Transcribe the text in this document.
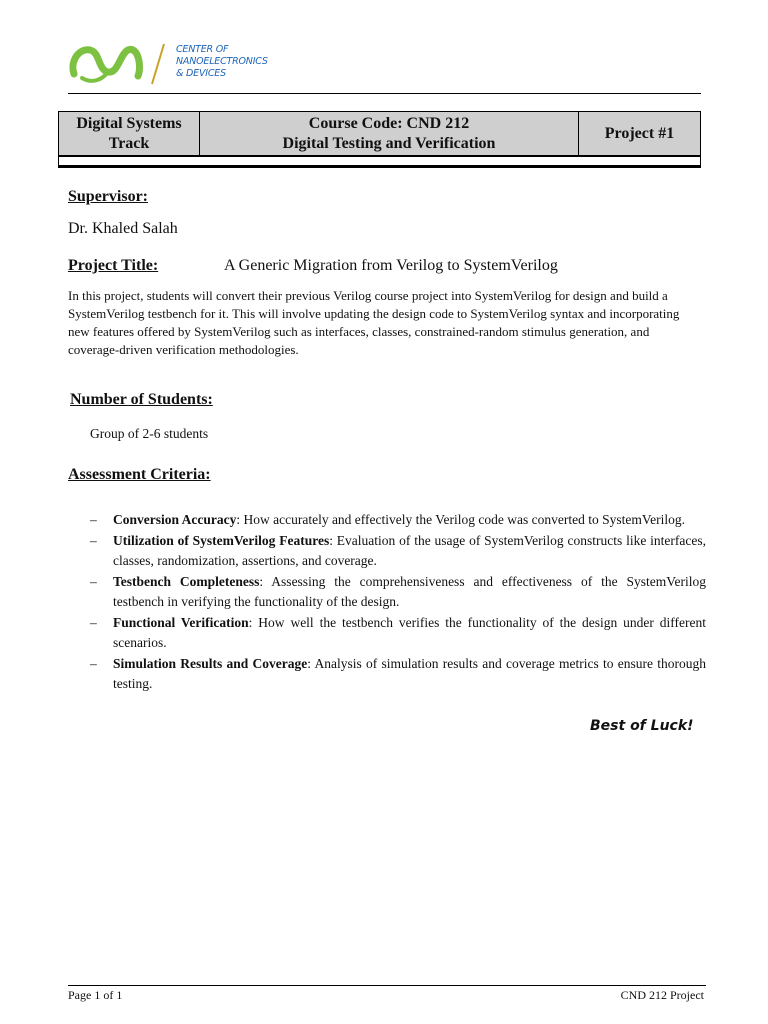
CENTER OF
NANOELECTRONICS
& DEVICES
Digital Systems
Track
Course Code: CND 212
Digital Testing and Verification
Project #1
Supervisor:
Dr. Khaled Salah
Project Title:	A Generic Migration from Verilog to SystemVerilog
In this project, students will convert their previous Verilog course project into SystemVerilog for design and build a SystemVerilog testbench for it. This will involve updating the design code to SystemVerilog syntax and incorporating new features offered by SystemVerilog such as interfaces, classes, constrained-random stimulus generation, and coverage-driven verification methodologies.
Number of Students:
Group of 2-6 students
Assessment Criteria:
– Conversion Accuracy: How accurately and effectively the Verilog code was converted to SystemVerilog.
– Utilization of SystemVerilog Features: Evaluation of the usage of SystemVerilog constructs like interfaces, classes, randomization, assertions, and coverage.
– Testbench Completeness: Assessing the comprehensiveness and effectiveness of the SystemVerilog testbench in verifying the functionality of the design.
– Functional Verification: How well the testbench verifies the functionality of the design under different scenarios.
– Simulation Results and Coverage: Analysis of simulation results and coverage metrics to ensure thorough testing.
Best of Luck!
Page 1 of 1	CND 212 Project
